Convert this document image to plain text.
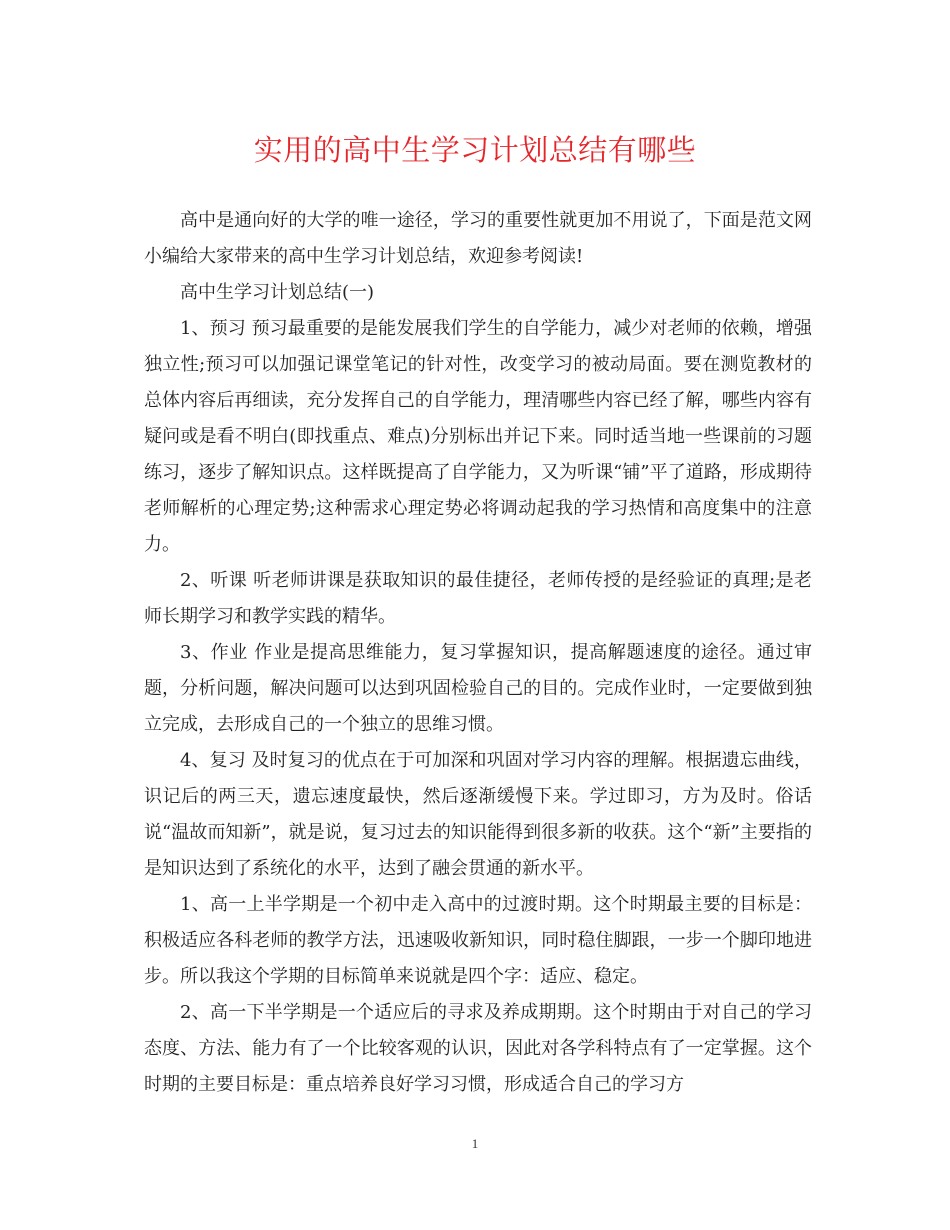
实用的高中生学习计划总结有哪些

高中是通向好的大学的唯一途径，学习的重要性就更加不用说了，下面是范文网小编给大家带来的高中生学习计划总结，欢迎参考阅读!

高中生学习计划总结(一)

1、预习 预习最重要的是能发展我们学生的自学能力，减少对老师的依赖，增强独立性;预习可以加强记课堂笔记的针对性，改变学习的被动局面。要在测览教材的总体内容后再细读，充分发挥自己的自学能力，理清哪些内容已经了解，哪些内容有疑问或是看不明白(即找重点、难点)分别标出并记下来。同时适当地一些课前的习题练习，逐步了解知识点。这样既提高了自学能力，又为听课“铺”平了道路，形成期待老师解析的心理定势;这种需求心理定势必将调动起我的学习热情和高度集中的注意力。

2、听课 听老师讲课是获取知识的最佳捷径，老师传授的是经验证的真理;是老师长期学习和教学实践的精华。

3、作业 作业是提高思维能力，复习掌握知识，提高解题速度的途径。通过审题，分析问题，解决问题可以达到巩固检验自己的目的。完成作业时，一定要做到独立完成，去形成自己的一个独立的思维习惯。

4、复习 及时复习的优点在于可加深和巩固对学习内容的理解。根据遗忘曲线，识记后的两三天，遗忘速度最快，然后逐渐缓慢下来。学过即习，方为及时。俗话说“温故而知新”，就是说，复习过去的知识能得到很多新的收获。这个“新”主要指的是知识达到了系统化的水平，达到了融会贯通的新水平。

1、高一上半学期是一个初中走入高中的过渡时期。这个时期最主要的目标是：积极适应各科老师的教学方法，迅速吸收新知识，同时稳住脚跟，一步一个脚印地进步。所以我这个学期的目标简单来说就是四个字：适应、稳定。

2、高一下半学期是一个适应后的寻求及养成期期。这个时期由于对自己的学习态度、方法、能力有了一个比较客观的认识，因此对各学科特点有了一定掌握。这个时期的主要目标是：重点培养良好学习习惯，形成适合自己的学习方

1
